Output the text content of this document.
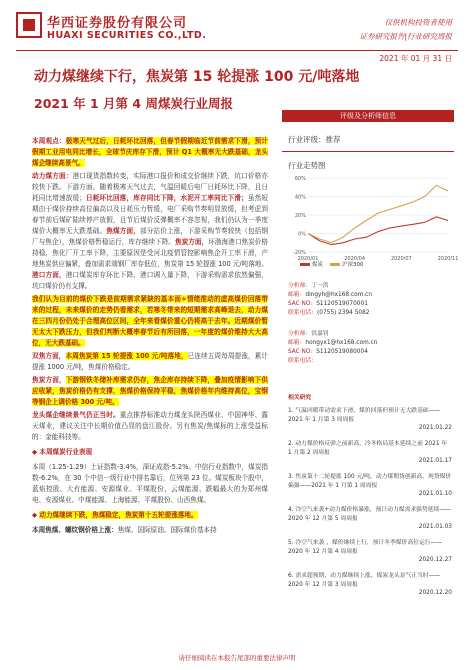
华西证券股份有限公司
HUAXI SECURITIES CO.,LTD.
仅供机构投资者使用
证券研究报告|行业研究周报
2021 年 01 月 31 日
动力煤继续下行，焦炭第 15 轮提涨 100 元/吨落地
2021 年 1 月第 4 周煤炭行业周报

本周观点：极寒天气过后，日耗环比回落，但春节假期临近节前需求下滑，预计假期工业用电同比增长，全球节庆库存下滑，预计 Q1 大概率无大跌基础，龙头煤企继续高景气。

动力煤方面：港口现货指数转变，实际港口报价和成交价继续下跌，坑口价格亦较快下跌。下游方面，随着极寒天气过去，气温回暖后电厂日耗环比下降，且日耗同比增速放缓；日耗环比回落，库存同比下降，水泥开工率同比下滑；虽然短期由于煤价持续高位偏高以及日耗压力暂缓，电厂采购节奏明显放缓，但考虑到春节前后煤矿陆续停产放假，且节后煤价反弹概率不容忽视，我们仍认为一季度煤价大概率无大跌基础。焦煤方面，部分站价上涨，下游采购节奏较快（包括钢厂与焦企），焦煤价格暂稳运行，库存继续下降。焦炭方面，环渤海港口焦炭价格持稳，焦化厂开工率下降，主要原因是受河北疫情管控影响焦企开工率下滑，产地焦炭供应偏紧，叠加需求端钢厂库存低位，焦炭第 15 轮提涨 100 元/吨落地。港口方面，港口煤炭库存环比下降，港口调入量下降，下游采购需求依然偏强，坑口煤价仍有支撑。

我们认为目前的煤价下跌是前期需求紧缺的基本面+情绪推动的虚高煤价回落带来的过程，未来煤价的走势仍看需求，若寒冬带来的短期需求高峰退去，动力煤在三四月份仍处于合理高位区间，全年来看煤价重心仍将高于去年。近期煤价暂无太大下跌压力，但我们判断大概率春节后有所回落，一年度的煤价维持大大高位，无大跌基础。

双焦方面，本周焦炭第 15 轮提涨 100 元/吨落地，已连续五周每周提涨，累计提涨 1000 元/吨，焦煤价格稳定。

焦炭方面，下游钢铁冬储补库需求仍存，焦企库存持续下降，叠加疫情影响下供应收紧，焦炭价格仍有支撑，焦煤价格保持平稳，焦煤价格年内维持高位，宝钢等钢企上调价格 300 元/吨。

龙头煤企继续景气仍正当时。重点推荐标准动力煤龙头陕西煤业、中国神华、露天煤业，建议关注中长期价值凸显的盘江股份。另有焦炭/焦煤标的上涨受益标的：金能科技等。

◆ 本周煤炭行业表现

本周（1.25-1.29）上证指数-3.4%，深证成指-5.2%。中信行业指数中，煤炭指数-6.2%，在 30 个中信一级行业中排名靠后，位列第 23 位。煤炭板块个股中，蓝焰控股、大有能源、安源煤业、平煤股份、云煤能源、跌幅最大的为郑州煤电、安源煤业、中煤能源、上海能源、平煤股份、山西焦煤。

◆ 动力煤继续下跌，焦煤稳定，焦炭第十五轮提涨落地。

本周焦煤、螺纹钢价格上涨：焦煤、国际原油、国际煤价基本持

评级及分析师信息
行业评级：推荐
行业走势图
60%
40%
20%
0%
-20%
2020/01	2020/04	2020/07	2020/11
煤炭	沪深300
分析师：丁一洪
邮箱：dingyh@hx168.com.cn
SAC NO：S1120519070001
联系电话：(0755) 2394 5082
分析师：洪嘉钊
邮箱：hongyx1@hx168.com.cn
SAC NO：S1120519080004
联系电话：
相关研究
1. 气温回暖带动需求下滑，煤价回落但预计无大跌基础——2021 年 1 月第 3 周周报
2021.01.22
2. 动力煤价格反弹之前新高，冷冬格局基本延续之前 2021 年 1 月第 2 周周报
2021.01.17
3. 焦炭第十二轮提涨 100 元/吨，动力煤期货创新高，现货煤价偏强——2021 年 1 月第 1 周周报
2021.01.10
4. 冷空气来袭+动力煤价格暴涨，预计动力煤需求强势延续——2020 年 12 月第 5 周周报
2021.01.03
5. 冷空气来袭 ，煤价继续上行，预计冬季煤价高位运行——2020 年 12 月第 4 周周报
2020.12.27
6. 需求超预期，动力煤继续上涨，煤炭龙头景气正当时——2020 年 12 月第 3 周周报
2020.12.20
请仔细阅读在本报告尾部的重要法律声明
